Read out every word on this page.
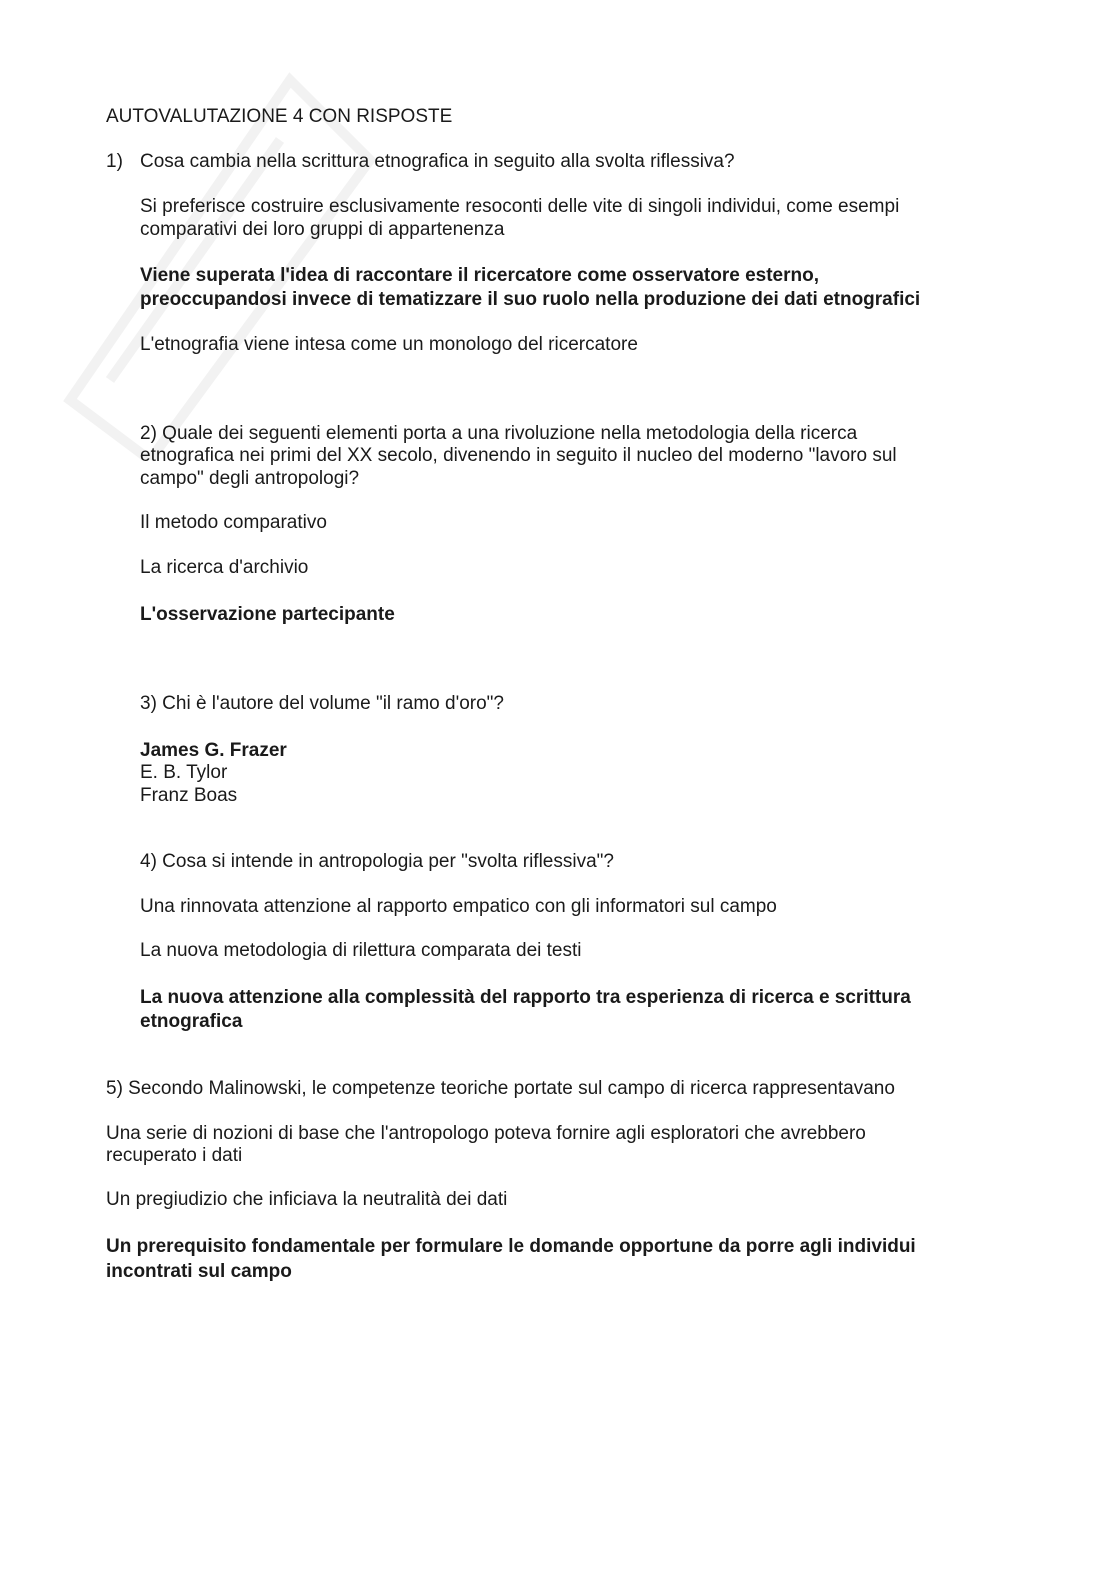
AUTOVALUTAZIONE 4 CON RISPOSTE
1) Cosa cambia nella scrittura etnografica in seguito alla svolta riflessiva?
Si preferisce costruire esclusivamente resoconti delle vite di singoli individui, come esempi
comparativi dei loro gruppi di appartenenza
Viene superata l'idea di raccontare il ricercatore come osservatore esterno,
preoccupandosi invece di tematizzare il suo ruolo nella produzione dei dati etnografici
L'etnografia viene intesa come un monologo del ricercatore
2) Quale dei seguenti elementi porta a una rivoluzione nella metodologia della ricerca
etnografica nei primi del XX secolo, divenendo in seguito il nucleo del moderno "lavoro sul
campo" degli antropologi?
Il metodo comparativo
La ricerca d'archivio
L'osservazione partecipante
3) Chi è l'autore del volume "il ramo d'oro"?
James G. Frazer
E. B. Tylor
Franz Boas
4) Cosa si intende in antropologia per "svolta riflessiva"?
Una rinnovata attenzione al rapporto empatico con gli informatori sul campo
La nuova metodologia di rilettura comparata dei testi
La nuova attenzione alla complessità del rapporto tra esperienza di ricerca e scrittura
etnografica
5) Secondo Malinowski, le competenze teoriche portate sul campo di ricerca rappresentavano
Una serie di nozioni di base che l'antropologo poteva fornire agli esploratori che avrebbero
recuperato i dati
Un pregiudizio che inficiava la neutralità dei dati
Un prerequisito fondamentale per formulare le domande opportune da porre agli individui
incontrati sul campo
